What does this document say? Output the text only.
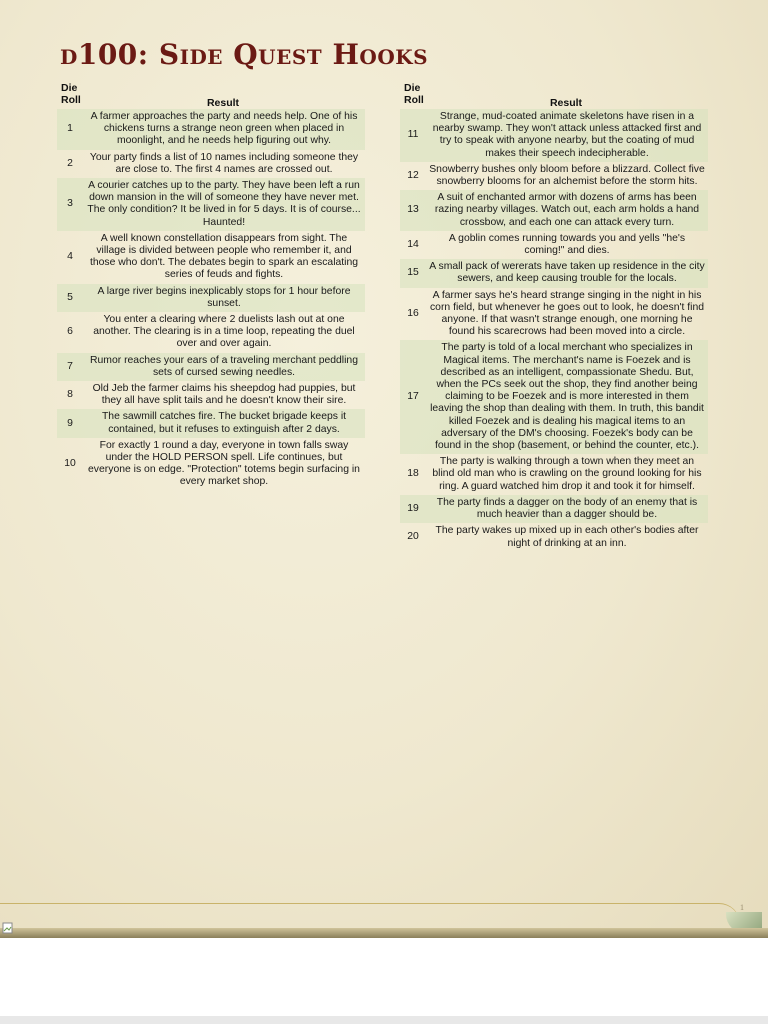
d100: Side Quest Hooks
Die
Roll	Result
1
A farmer approaches the party and needs help. One of his chickens turns a strange neon green when placed in moonlight, and he needs help figuring out why.
2
Your party finds a list of 10 names including someone they are close to. The first 4 names are crossed out.
3
A courier catches up to the party. They have been left a run down mansion in the will of someone they have never met. The only condition? It be lived in for 5 days. It is of course... Haunted!
4
A well known constellation disappears from sight. The village is divided between people who remember it, and those who don't. The debates begin to spark an escalating series of feuds and fights.
5
A large river begins inexplicably stops for 1 hour before sunset.
6
You enter a clearing where 2 duelists lash out at one another. The clearing is in a time loop, repeating the duel over and over again.
7
Rumor reaches your ears of a traveling merchant peddling sets of cursed sewing needles.
8
Old Jeb the farmer claims his sheepdog had puppies, but they all have split tails and he doesn't know their sire.
9
The sawmill catches fire. The bucket brigade keeps it contained, but it refuses to extinguish after 2 days.
10
For exactly 1 round a day, everyone in town falls sway under the HOLD PERSON spell. Life continues, but everyone is on edge. "Protection" totems begin surfacing in every market shop.
Die
Roll	Result
11
Strange, mud-coated animate skeletons have risen in a nearby swamp. They won't attack unless attacked first and try to speak with anyone nearby, but the coating of mud makes their speech indecipherable.
12
Snowberry bushes only bloom before a blizzard. Collect five snowberry blooms for an alchemist before the storm hits.
13
A suit of enchanted armor with dozens of arms has been razing nearby villages. Watch out, each arm holds a hand crossbow, and each one can attack every turn.
14
A goblin comes running towards you and yells "he's coming!" and dies.
15
A small pack of wererats have taken up residence in the city sewers, and keep causing trouble for the locals.
16
A farmer says he's heard strange singing in the night in his corn field, but whenever he goes out to look, he doesn't find anyone. If that wasn't strange enough, one morning he found his scarecrows had been moved into a circle.
17
The party is told of a local merchant who specializes in Magical items. The merchant's name is Foezek and is described as an intelligent, compassionate Shedu. But, when the PCs seek out the shop, they find another being claiming to be Foezek and is more interested in them leaving the shop than dealing with them. In truth, this bandit killed Foezek and is dealing his magical items to an adversary of the DM's choosing. Foezek's body can be found in the shop (basement, or behind the counter, etc.).
18
The party is walking through a town when they meet an blind old man who is crawling on the ground looking for his ring. A guard watched him drop it and took it for himself.
19
The party finds a dagger on the body of an enemy that is much heavier than a dagger should be.
20
The party wakes up mixed up in each other's bodies after night of drinking at an inn.
1
